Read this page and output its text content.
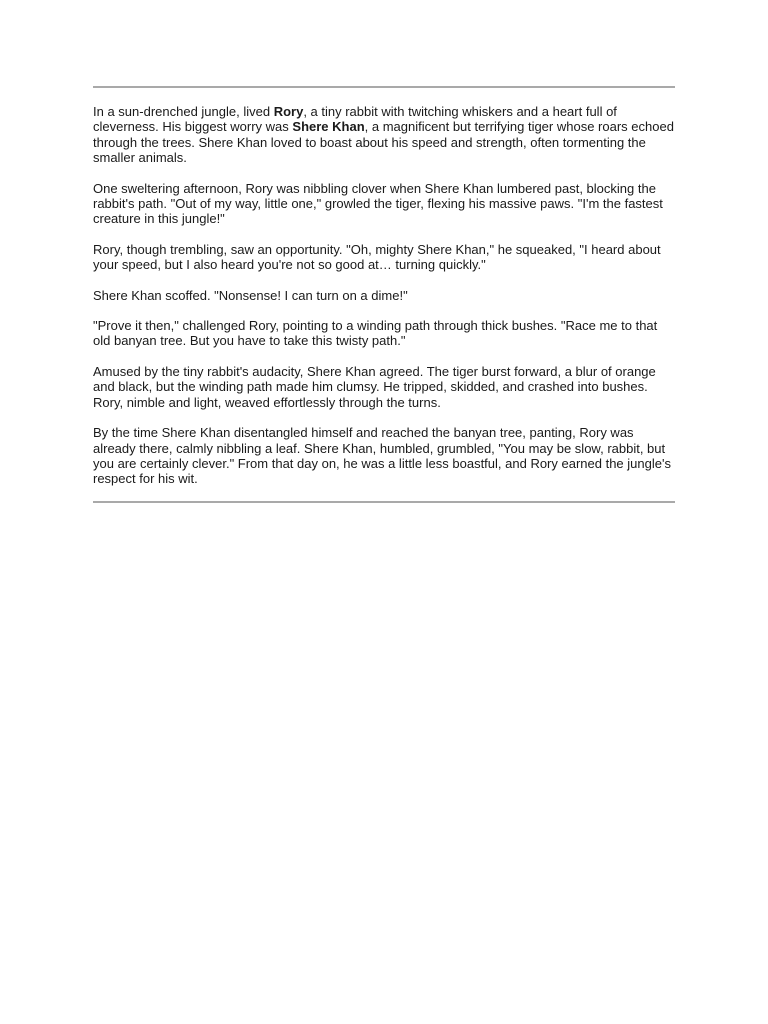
In a sun-drenched jungle, lived Rory, a tiny rabbit with twitching whiskers and a heart full of cleverness. His biggest worry was Shere Khan, a magnificent but terrifying tiger whose roars echoed through the trees. Shere Khan loved to boast about his speed and strength, often tormenting the smaller animals.

One sweltering afternoon, Rory was nibbling clover when Shere Khan lumbered past, blocking the rabbit's path. "Out of my way, little one," growled the tiger, flexing his massive paws. "I'm the fastest creature in this jungle!"

Rory, though trembling, saw an opportunity. "Oh, mighty Shere Khan," he squeaked, "I heard about your speed, but I also heard you're not so good at… turning quickly."

Shere Khan scoffed. "Nonsense! I can turn on a dime!"

"Prove it then," challenged Rory, pointing to a winding path through thick bushes. "Race me to that old banyan tree. But you have to take this twisty path."

Amused by the tiny rabbit's audacity, Shere Khan agreed. The tiger burst forward, a blur of orange and black, but the winding path made him clumsy. He tripped, skidded, and crashed into bushes. Rory, nimble and light, weaved effortlessly through the turns.

By the time Shere Khan disentangled himself and reached the banyan tree, panting, Rory was already there, calmly nibbling a leaf. Shere Khan, humbled, grumbled, "You may be slow, rabbit, but you are certainly clever." From that day on, he was a little less boastful, and Rory earned the jungle's respect for his wit.
